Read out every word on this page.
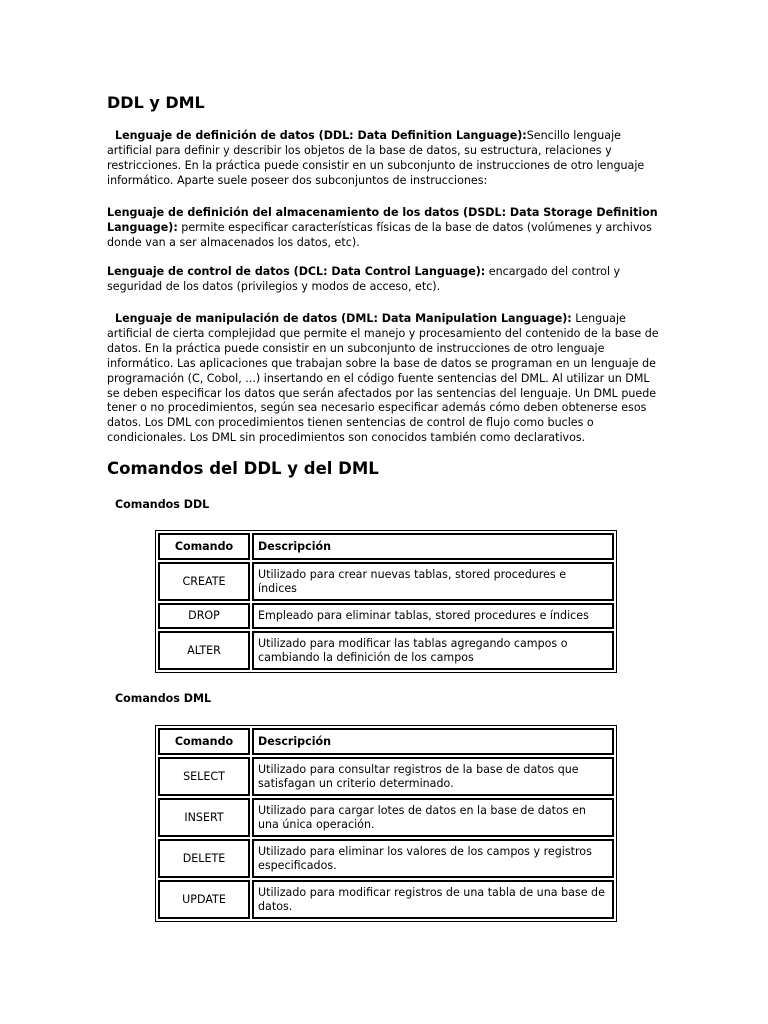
DDL y DML

Lenguaje de definición de datos (DDL: Data Definition Language):Sencillo lenguaje artificial para definir y describir los objetos de la base de datos, su estructura, relaciones y restricciones. En la práctica puede consistir en un subconjunto de instrucciones de otro lenguaje informático. Aparte suele poseer dos subconjuntos de instrucciones:

Lenguaje de definición del almacenamiento de los datos (DSDL: Data Storage Definition Language): permite especificar características físicas de la base de datos (volúmenes y archivos donde van a ser almacenados los datos, etc).

Lenguaje de control de datos (DCL: Data Control Language): encargado del control y seguridad de los datos (privilegios y modos de acceso, etc).

Lenguaje de manipulación de datos (DML: Data Manipulation Language): Lenguaje artificial de cierta complejidad que permite el manejo y procesamiento del contenido de la base de datos. En la práctica puede consistir en un subconjunto de instrucciones de otro lenguaje informático. Las aplicaciones que trabajan sobre la base de datos se programan en un lenguaje de programación (C, Cobol, ...) insertando en el código fuente sentencias del DML. Al utilizar un DML se deben especificar los datos que serán afectados por las sentencias del lenguaje. Un DML puede tener o no procedimientos, según sea necesario especificar además cómo deben obtenerse esos datos. Los DML con procedimientos tienen sentencias de control de flujo como bucles o condicionales. Los DML sin procedimientos son conocidos también como declarativos.

Comandos del DDL y del DML
Comandos DDL
Comando	Descripción
CREATE	Utilizado para crear nuevas tablas, stored procedures e índices
DROP	Empleado para eliminar tablas, stored procedures e índices
ALTER	Utilizado para modificar las tablas agregando campos o cambiando la definición de los campos
Comandos DML
Comando	Descripción
SELECT	Utilizado para consultar registros de la base de datos que satisfagan un criterio determinado.
INSERT	Utilizado para cargar lotes de datos en la base de datos en una única operación.
DELETE	Utilizado para eliminar los valores de los campos y registros especificados.
UPDATE	Utilizado para modificar registros de una tabla de una base de datos.
